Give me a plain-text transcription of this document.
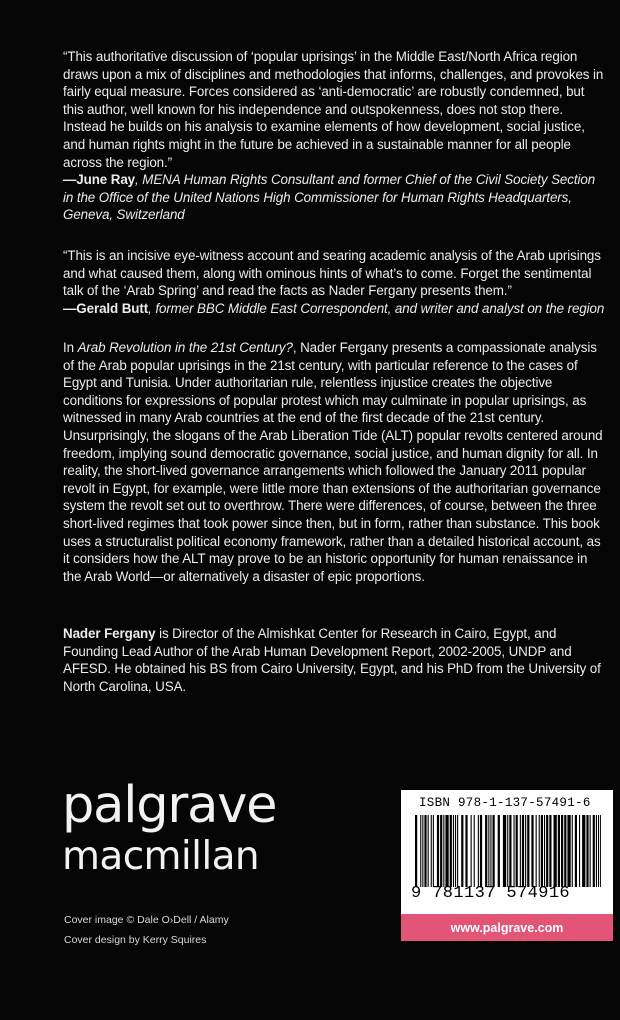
“This authoritative discussion of ‘popular uprisings’ in the Middle East/North Africa region draws upon a mix of disciplines and methodologies that informs, challenges, and provokes in fairly equal measure. Forces considered as ‘anti-democratic’ are robustly condemned, but this author, well known for his independence and outspokenness, does not stop there. Instead he builds on his analysis to examine elements of how development, social justice, and human rights might in the future be achieved in a sustainable manner for all people across the region.”

—June Ray, MENA Human Rights Consultant and former Chief of the Civil Society Section in the Office of the United Nations High Commissioner for Human Rights Headquarters, Geneva, Switzerland

“This is an incisive eye-witness account and searing academic analysis of the Arab uprisings and what caused them, along with ominous hints of what’s to come. Forget the sentimental talk of the ‘Arab Spring’ and read the facts as Nader Fergany presents them.”

—Gerald Butt, former BBC Middle East Correspondent, and writer and analyst on the region

In Arab Revolution in the 21st Century?, Nader Fergany presents a compassionate analysis of the Arab popular uprisings in the 21st century, with particular reference to the cases of Egypt and Tunisia. Under authoritarian rule, relentless injustice creates the objective conditions for expressions of popular protest which may culminate in popular uprisings, as witnessed in many Arab countries at the end of the first decade of the 21st century. Unsurprisingly, the slogans of the Arab Liberation Tide (ALT) popular revolts centered around freedom, implying sound democratic governance, social justice, and human dignity for all. In reality, the short-lived governance arrangements which followed the January 2011 popular revolt in Egypt, for example, were little more than extensions of the authoritarian governance system the revolt set out to overthrow. There were differences, of course, between the three short-lived regimes that took power since then, but in form, rather than substance. This book uses a structuralist political economy framework, rather than a detailed historical account, as it considers how the ALT may prove to be an historic opportunity for human renaissance in the Arab World—or alternatively a disaster of epic proportions.

Nader Fergany is Director of the Almishkat Center for Research in Cairo, Egypt, and Founding Lead Author of the Arab Human Development Report, 2002-2005, UNDP and AFESD. He obtained his BS from Cairo University, Egypt, and his PhD from the University of North Carolina, USA.

palgrave
macmillan
Cover image © Dale O›Dell / Alamy
Cover design by Kerry Squires
ISBN 978-1-137-57491-6
9 781137 574916
www.palgrave.com
